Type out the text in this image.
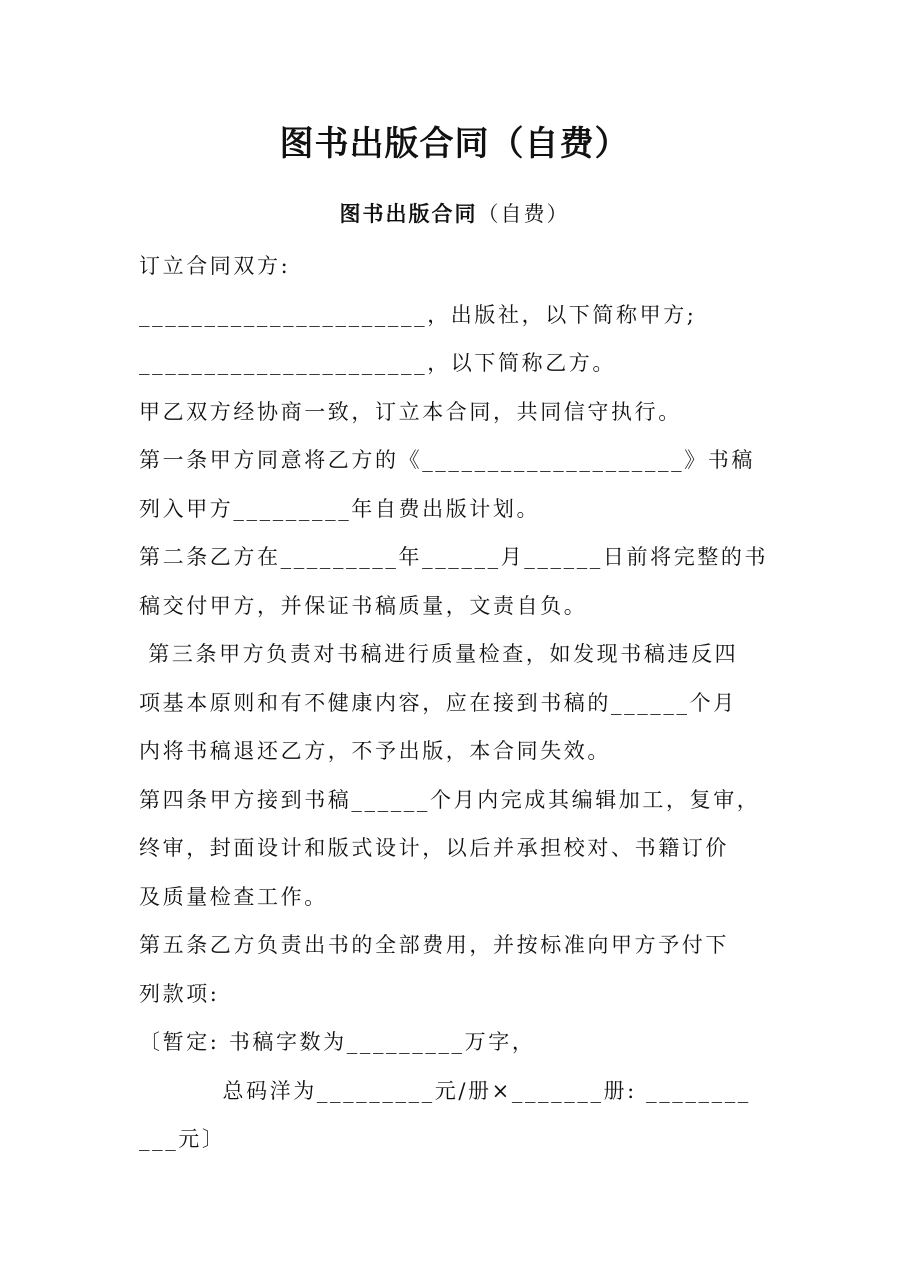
图书出版合同（自费）
图书出版合同（自费）
订立合同双方:
______________________，出版社，以下简称甲方;
______________________，以下简称乙方。
甲乙双方经协商一致，订立本合同，共同信守执行。
第一条甲方同意将乙方的《____________________》书稿
列入甲方_________年自费出版计划。
第二条乙方在_________年______月______日前将完整的书
稿交付甲方，并保证书稿质量，文责自负。
第三条甲方负责对书稿进行质量检查，如发现书稿违反四
项基本原则和有不健康内容，应在接到书稿的______个月
内将书稿退还乙方，不予出版，本合同失效。
第四条甲方接到书稿______个月内完成其编辑加工，复审，
终审，封面设计和版式设计，以后并承担校对、书籍订价
及质量检查工作。
第五条乙方负责出书的全部费用，并按标准向甲方予付下
列款项:
〔暂定: 书稿字数为_________万字，
总码洋为_________元/册×_______册: ________
___元〕
